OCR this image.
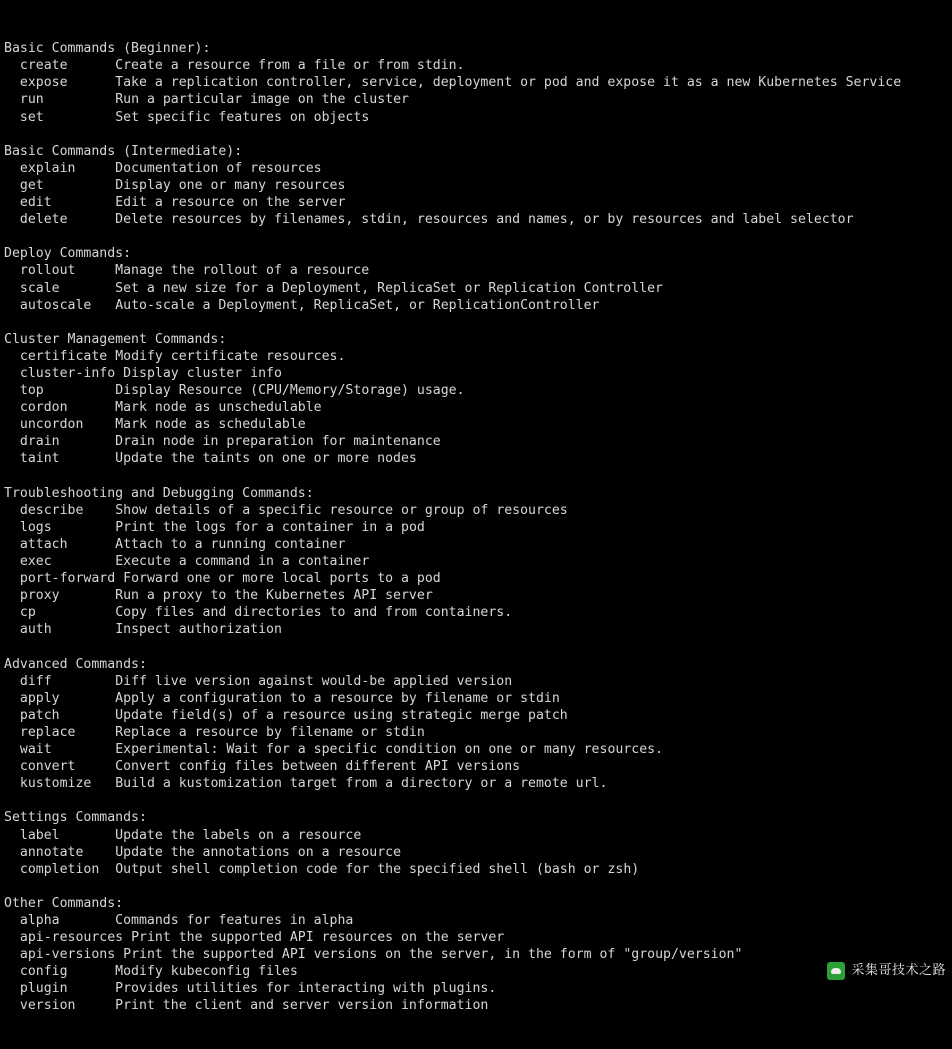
Basic Commands (Beginner):
create	Create a resource from a file or from stdin.
expose	Take a replication controller, service, deployment or pod and expose it as a new Kubernetes Service
run	Run a particular image on the cluster
set	Set specific features on objects
Basic Commands (Intermediate):
explain	Documentation of resources
get	Display one or many resources
edit	Edit a resource on the server
delete	Delete resources by filenames, stdin, resources and names, or by resources and label selector
Deploy Commands:
rollout	Manage the rollout of a resource
scale	Set a new size for a Deployment, ReplicaSet or Replication Controller
autoscale Auto-scale a Deployment, ReplicaSet, or ReplicationController
Cluster Management Commands:
certificate Modify certificate resources.
cluster-info Display cluster info
top	Display Resource (CPU/Memory/Storage) usage.
cordon	Mark node as unschedulable
uncordon Mark node as schedulable
drain	Drain node in preparation for maintenance
taint	Update the taints on one or more nodes
Troubleshooting and Debugging Commands:
describe Show details of a specific resource or group of resources
logs	Print the logs for a container in a pod
attach	Attach to a running container
exec	Execute a command in a container
port-forward Forward one or more local ports to a pod
proxy	Run a proxy to the Kubernetes API server
cp	Copy files and directories to and from containers.
auth	Inspect authorization
Advanced Commands:
diff	Diff live version against would-be applied version
apply	Apply a configuration to a resource by filename or stdin
patch	Update field(s) of a resource using strategic merge patch
replace	Replace a resource by filename or stdin
wait	Experimental: Wait for a specific condition on one or many resources.
convert	Convert config files between different API versions
kustomize Build a kustomization target from a directory or a remote url.
Settings Commands:
label	Update the labels on a resource
annotate Update the annotations on a resource
completion Output shell completion code for the specified shell (bash or zsh)
Other Commands:
alpha	Commands for features in alpha
api-resources Print the supported API resources on the server
api-versions Print the supported API versions on the server, in the form of "group/version"
config	Modify kubeconfig files
plugin	Provides utilities for interacting with plugins.
version	Print the client and server version information

采集哥技术之路
